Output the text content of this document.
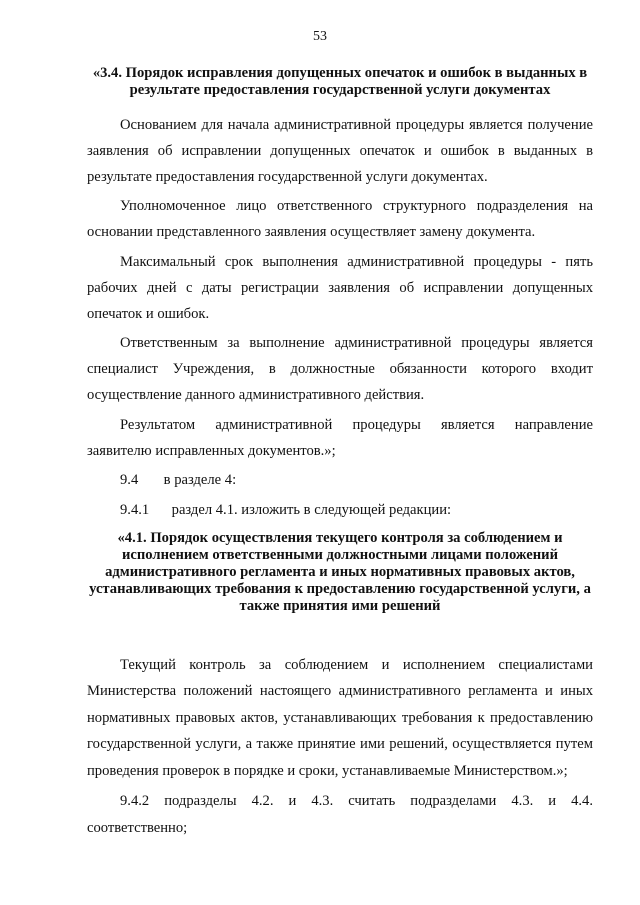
53

«3.4. Порядок исправления допущенных опечаток и ошибок в выданных в результате предоставления государственной услуги документах

Основанием для начала административной процедуры является получение заявления об исправлении допущенных опечаток и ошибок в выданных в результате предоставления государственной услуги документах.

Уполномоченное лицо ответственного структурного подразделения на основании представленного заявления осуществляет замену документа.

Максимальный срок выполнения административной процедуры - пять рабочих дней с даты регистрации заявления об исправлении допущенных опечаток и ошибок.

Ответственным за выполнение административной процедуры является специалист Учреждения, в должностные обязанности которого входит осуществление данного административного действия.

Результатом административной процедуры является направление заявителю исправленных документов.»;

9.4 в разделе 4:

9.4.1 раздел 4.1. изложить в следующей редакции:

«4.1. Порядок осуществления текущего контроля за соблюдением и исполнением ответственными должностными лицами положений административного регламента и иных нормативных правовых актов, устанавливающих требования к предоставлению государственной услуги, а также принятия ими решений

Текущий контроль за соблюдением и исполнением специалистами Министерства положений настоящего административного регламента и иных нормативных правовых актов, устанавливающих требования к предоставлению государственной услуги, а также принятие ими решений, осуществляется путем проведения проверок в порядке и сроки, устанавливаемые Министерством.»;

9.4.2 подразделы 4.2. и 4.3. считать подразделами 4.3. и 4.4. соответственно;
